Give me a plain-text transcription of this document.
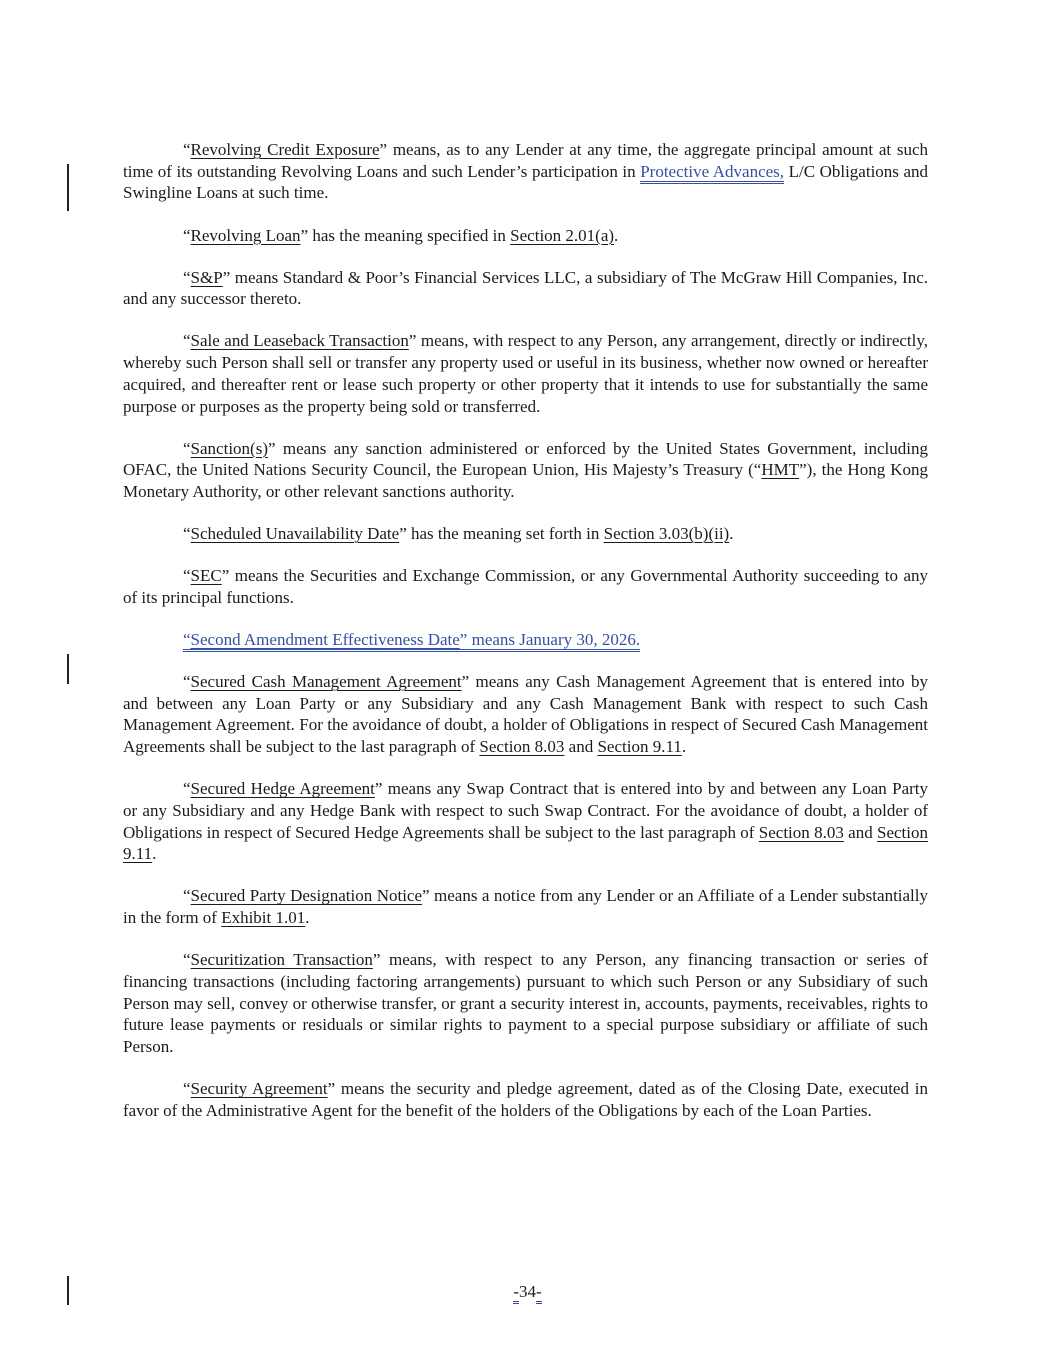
“Revolving Credit Exposure” means, as to any Lender at any time, the aggregate principal amount at such time of its outstanding Revolving Loans and such Lender’s participation in Protective Advances, L/C Obligations and Swingline Loans at such time.

“Revolving Loan” has the meaning specified in Section 2.01(a).

“S&P” means Standard & Poor’s Financial Services LLC, a subsidiary of The McGraw Hill Companies, Inc. and any successor thereto.

“Sale and Leaseback Transaction” means, with respect to any Person, any arrangement, directly or indirectly, whereby such Person shall sell or transfer any property used or useful in its business, whether now owned or hereafter acquired, and thereafter rent or lease such property or other property that it intends to use for substantially the same purpose or purposes as the property being sold or transferred.

“Sanction(s)” means any sanction administered or enforced by the United States Government, including OFAC, the United Nations Security Council, the European Union, His Majesty’s Treasury (“HMT”), the Hong Kong Monetary Authority, or other relevant sanctions authority.

“Scheduled Unavailability Date” has the meaning set forth in Section 3.03(b)(ii).

“SEC” means the Securities and Exchange Commission, or any Governmental Authority succeeding to any of its principal functions.

“Second Amendment Effectiveness Date” means January 30, 2026.

“Secured Cash Management Agreement” means any Cash Management Agreement that is entered into by and between any Loan Party or any Subsidiary and any Cash Management Bank with respect to such Cash Management Agreement. For the avoidance of doubt, a holder of Obligations in respect of Secured Cash Management Agreements shall be subject to the last paragraph of Section 8.03 and Section 9.11.

“Secured Hedge Agreement” means any Swap Contract that is entered into by and between any Loan Party or any Subsidiary and any Hedge Bank with respect to such Swap Contract. For the avoidance of doubt, a holder of Obligations in respect of Secured Hedge Agreements shall be subject to the last paragraph of Section 8.03 and Section 9.11.

“Secured Party Designation Notice” means a notice from any Lender or an Affiliate of a Lender substantially in the form of Exhibit 1.01.

“Securitization Transaction” means, with respect to any Person, any financing transaction or series of financing transactions (including factoring arrangements) pursuant to which such Person or any Subsidiary of such Person may sell, convey or otherwise transfer, or grant a security interest in, accounts, payments, receivables, rights to future lease payments or residuals or similar rights to payment to a special purpose subsidiary or affiliate of such Person.

“Security Agreement” means the security and pledge agreement, dated as of the Closing Date, executed in favor of the Administrative Agent for the benefit of the holders of the Obligations by each of the Loan Parties.

-34-
